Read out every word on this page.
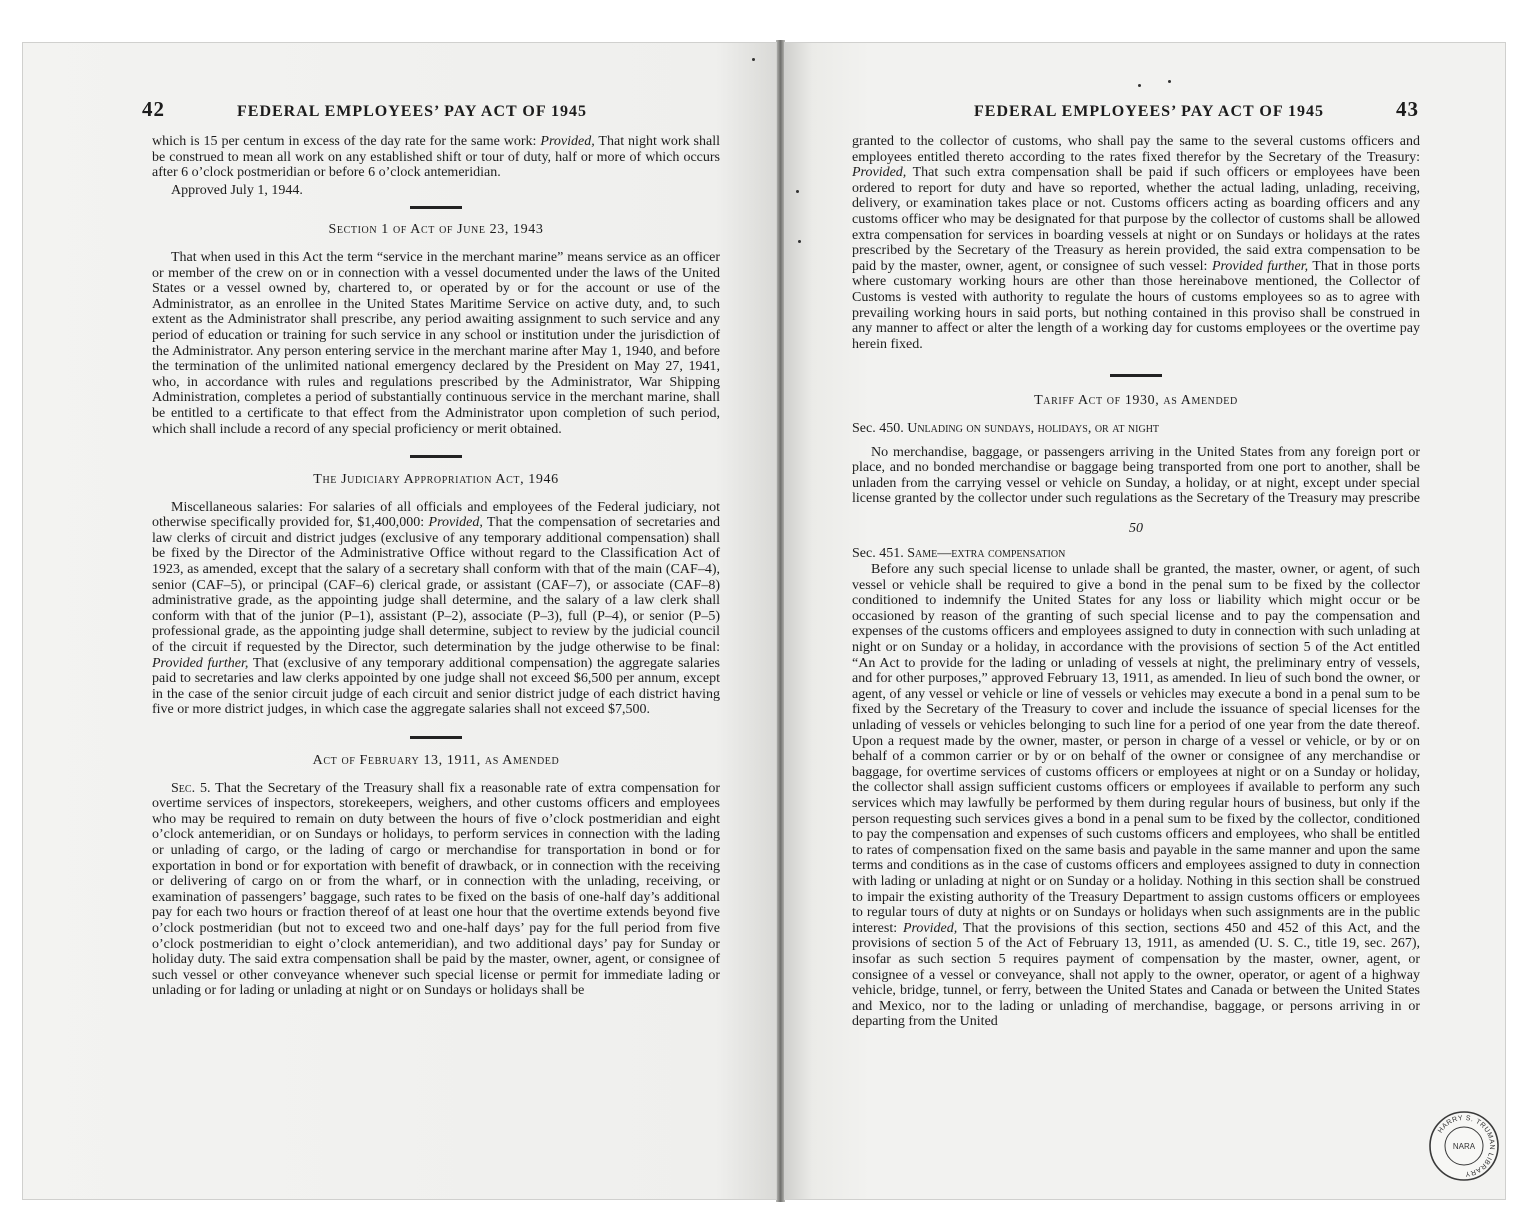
42	FEDERAL EMPLOYEES’ PAY ACT OF 1945

which is 15 per centum in excess of the day rate for the same work: Provided, That night work shall be construed to mean all work on any established shift or tour of duty, half or more of which occurs after 6 o’clock postmeridian or before 6 o’clock antemeridian.

Approved July 1, 1944.

Section 1 of Act of June 23, 1943

That when used in this Act the term “service in the merchant marine” means service as an officer or member of the crew on or in connection with a vessel documented under the laws of the United States or a vessel owned by, chartered to, or operated by or for the account or use of the Administrator, as an enrollee in the United States Maritime Service on active duty, and, to such extent as the Administrator shall prescribe, any period awaiting assignment to such service and any period of education or training for such service in any school or institution under the jurisdiction of the Administrator. Any person entering service in the merchant marine after May 1, 1940, and before the termination of the unlimited national emergency declared by the President on May 27, 1941, who, in accordance with rules and regulations prescribed by the Administrator, War Shipping Administration, completes a period of substantially continuous service in the merchant marine, shall be entitled to a certificate to that effect from the Administrator upon completion of such period, which shall include a record of any special proficiency or merit obtained.

The Judiciary Appropriation Act, 1946

Miscellaneous salaries: For salaries of all officials and employees of the Federal judiciary, not otherwise specifically provided for, $1,400,000: Provided, That the compensation of secretaries and law clerks of circuit and district judges (exclusive of any temporary additional compensation) shall be fixed by the Director of the Administrative Office without regard to the Classification Act of 1923, as amended, except that the salary of a secretary shall conform with that of the main (CAF–4), senior (CAF–5), or principal (CAF–6) clerical grade, or assistant (CAF–7), or associate (CAF–8) administrative grade, as the appointing judge shall determine, and the salary of a law clerk shall conform with that of the junior (P–1), assistant (P–2), associate (P–3), full (P–4), or senior (P–5) professional grade, as the appointing judge shall determine, subject to review by the judicial council of the circuit if requested by the Director, such determination by the judge otherwise to be final: Provided further, That (exclusive of any temporary additional compensation) the aggregate salaries paid to secretaries and law clerks appointed by one judge shall not exceed $6,500 per annum, except in the case of the senior circuit judge of each circuit and senior district judge of each district having five or more district judges, in which case the aggregate salaries shall not exceed $7,500.

Act of February 13, 1911, as Amended

Sec. 5. That the Secretary of the Treasury shall fix a reasonable rate of extra compensation for overtime services of inspectors, storekeepers, weighers, and other customs officers and employees who may be required to remain on duty between the hours of five o’clock postmeridian and eight o’clock antemeridian, or on Sundays or holidays, to perform services in connection with the lading or unlading of cargo, or the lading of cargo or merchandise for transportation in bond or for exportation in bond or for exportation with benefit of drawback, or in connection with the receiving or delivering of cargo on or from the wharf, or in connection with the unlading, receiving, or examination of passengers’ baggage, such rates to be fixed on the basis of one-half day’s additional pay for each two hours or fraction thereof of at least one hour that the overtime extends beyond five o’clock postmeridian (but not to exceed two and one-half days’ pay for the full period from five o’clock postmeridian to eight o’clock antemeridian), and two additional days’ pay for Sunday or holiday duty. The said extra compensation shall be paid by the master, owner, agent, or consignee of such vessel or other conveyance whenever such special license or permit for immediate lading or unlading or for lading or unlading at night or on Sundays or holidays shall be

FEDERAL EMPLOYEES’ PAY ACT OF 1945	43

granted to the collector of customs, who shall pay the same to the several customs officers and employees entitled thereto according to the rates fixed therefor by the Secretary of the Treasury: Provided, That such extra compensation shall be paid if such officers or employees have been ordered to report for duty and have so reported, whether the actual lading, unlading, receiving, delivery, or examination takes place or not. Customs officers acting as boarding officers and any customs officer who may be designated for that purpose by the collector of customs shall be allowed extra compensation for services in boarding vessels at night or on Sundays or holidays at the rates prescribed by the Secretary of the Treasury as herein provided, the said extra compensation to be paid by the master, owner, agent, or consignee of such vessel: Provided further, That in those ports where customary working hours are other than those hereinabove mentioned, the Collector of Customs is vested with authority to regulate the hours of customs employees so as to agree with prevailing working hours in said ports, but nothing contained in this proviso shall be construed in any manner to affect or alter the length of a working day for customs employees or the overtime pay herein fixed.

Tariff Act of 1930, as Amended

Sec. 450. Unlading on sundays, holidays, or at night

No merchandise, baggage, or passengers arriving in the United States from any foreign port or place, and no bonded merchandise or baggage being transported from one port to another, shall be unladen from the carrying vessel or vehicle on Sunday, a holiday, or at night, except under special license granted by the collector under such regulations as the Secretary of the Treasury may prescribe

50

Sec. 451. Same—extra compensation

Before any such special license to unlade shall be granted, the master, owner, or agent, of such vessel or vehicle shall be required to give a bond in the penal sum to be fixed by the collector conditioned to indemnify the United States for any loss or liability which might occur or be occasioned by reason of the granting of such special license and to pay the compensation and expenses of the customs officers and employees assigned to duty in connection with such unlading at night or on Sunday or a holiday, in accordance with the provisions of section 5 of the Act entitled “An Act to provide for the lading or unlading of vessels at night, the preliminary entry of vessels, and for other purposes,” approved February 13, 1911, as amended. In lieu of such bond the owner, or agent, of any vessel or vehicle or line of vessels or vehicles may execute a bond in a penal sum to be fixed by the Secretary of the Treasury to cover and include the issuance of special licenses for the unlading of vessels or vehicles belonging to such line for a period of one year from the date thereof. Upon a request made by the owner, master, or person in charge of a vessel or vehicle, or by or on behalf of a common carrier or by or on behalf of the owner or consignee of any merchandise or baggage, for overtime services of customs officers or employees at night or on a Sunday or holiday, the collector shall assign sufficient customs officers or employees if available to perform any such services which may lawfully be performed by them during regular hours of business, but only if the person requesting such services gives a bond in a penal sum to be fixed by the collector, conditioned to pay the compensation and expenses of such customs officers and employees, who shall be entitled to rates of compensation fixed on the same basis and payable in the same manner and upon the same terms and conditions as in the case of customs officers and employees assigned to duty in connection with lading or unlading at night or on Sunday or a holiday. Nothing in this section shall be construed to impair the existing authority of the Treasury Department to assign customs officers or employees to regular tours of duty at nights or on Sundays or holidays when such assignments are in the public interest: Provided, That the provisions of this section, sections 450 and 452 of this Act, and the provisions of section 5 of the Act of February 13, 1911, as amended (U. S. C., title 19, sec. 267), insofar as such section 5 requires payment of compensation by the master, owner, agent, or consignee of a vessel or conveyance, shall not apply to the owner, operator, or agent of a highway vehicle, bridge, tunnel, or ferry, between the United States and Canada or between the United States and Mexico, nor to the lading or unlading of merchandise, baggage, or persons arriving in or departing from the United

HARRY S. TRUMAN LIBRARY
NARA
